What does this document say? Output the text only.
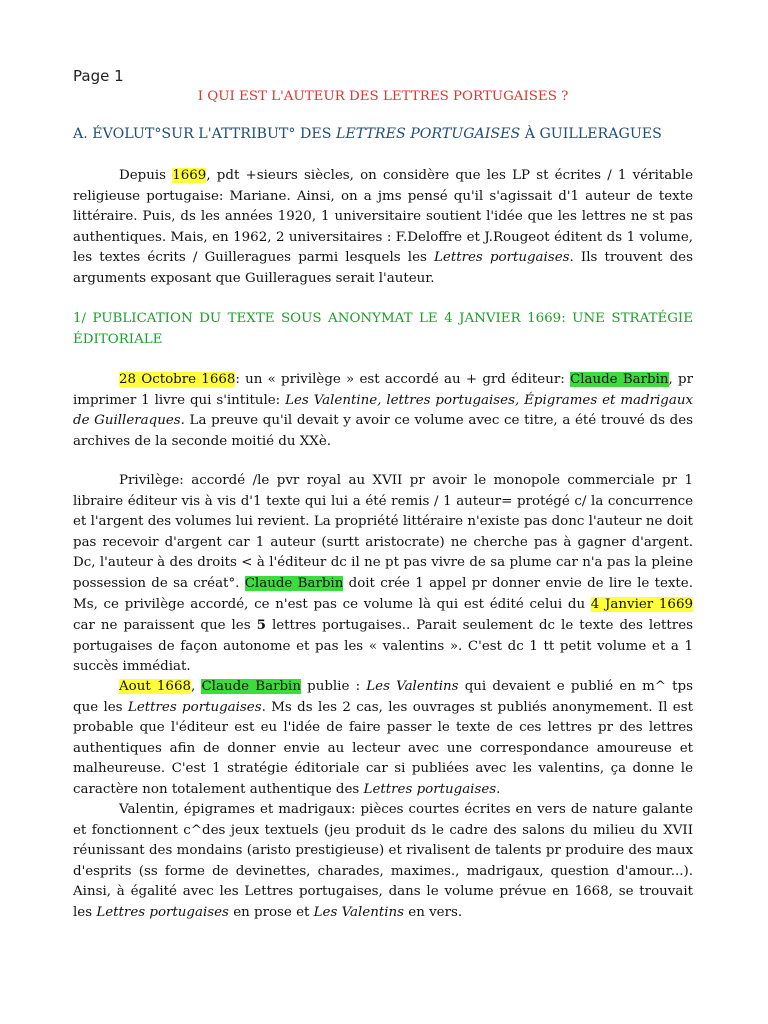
Page 1
I QUI EST L'AUTEUR DES LETTRES PORTUGAISES ?
A. ÉVOLUT°SUR L'ATTRIBUT° DES LETTRES PORTUGAISES À GUILLERAGUES
Depuis 1669, pdt +sieurs siècles, on considère que les LP st écrites / 1 véritable religieuse portugaise: Mariane. Ainsi, on a jms pensé qu'il s'agissait d'1 auteur de texte littéraire. Puis, ds les années 1920, 1 universitaire soutient l'idée que les lettres ne st pas authentiques. Mais, en 1962, 2 universitaires : F.Deloffre et J.Rougeot éditent ds 1 volume, les textes écrits / Guilleragues parmi lesquels les Lettres portugaises. Ils trouvent des arguments exposant que Guilleragues serait l'auteur.
1/ PUBLICATION DU TEXTE SOUS ANONYMAT LE 4 JANVIER 1669: UNE STRATÉGIE ÉDITORIALE
28 Octobre 1668: un « privilège » est accordé au + grd éditeur: Claude Barbin, pr imprimer 1 livre qui s'intitule: Les Valentine, lettres portugaises, Épigrames et madrigaux de Guilleraques. La preuve qu'il devait y avoir ce volume avec ce titre, a été trouvé ds des archives de la seconde moitié du XXè.
Privilège: accordé /le pvr royal au XVII pr avoir le monopole commerciale pr 1 libraire éditeur vis à vis d'1 texte qui lui a été remis / 1 auteur= protégé c/ la concurrence et l'argent des volumes lui revient. La propriété littéraire n'existe pas donc l'auteur ne doit pas recevoir d'argent car 1 auteur (surtt aristocrate) ne cherche pas à gagner d'argent. Dc, l'auteur à des droits < à l'éditeur dc il ne pt pas vivre de sa plume car n'a pas la pleine possession de sa créat°. Claude Barbin doit crée 1 appel pr donner envie de lire le texte. Ms, ce privilège accordé, ce n'est pas ce volume là qui est édité celui du 4 Janvier 1669 car ne paraissent que les 5 lettres portugaises.. Parait seulement dc le texte des lettres portugaises de façon autonome et pas les « valentins ». C'est dc 1 tt petit volume et a 1 succès immédiat.
Aout 1668, Claude Barbin publie : Les Valentins qui devaient e publié en m^ tps que les Lettres portugaises. Ms ds les 2 cas, les ouvrages st publiés anonymement. Il est probable que l'éditeur est eu l'idée de faire passer le texte de ces lettres pr des lettres authentiques afin de donner envie au lecteur avec une correspondance amoureuse et malheureuse. C'est 1 stratégie éditoriale car si publiées avec les valentins, ça donne le caractère non totalement authentique des Lettres portugaises.
Valentin, épigrames et madrigaux: pièces courtes écrites en vers de nature galante et fonctionnent c^des jeux textuels (jeu produit ds le cadre des salons du milieu du XVII réunissant des mondains (aristo prestigieuse) et rivalisent de talents pr produire des maux d'esprits (ss forme de devinettes, charades, maximes., madrigaux, question d'amour...). Ainsi, à égalité avec les Lettres portugaises, dans le volume prévue en 1668, se trouvait les Lettres portugaises en prose et Les Valentins en vers.
